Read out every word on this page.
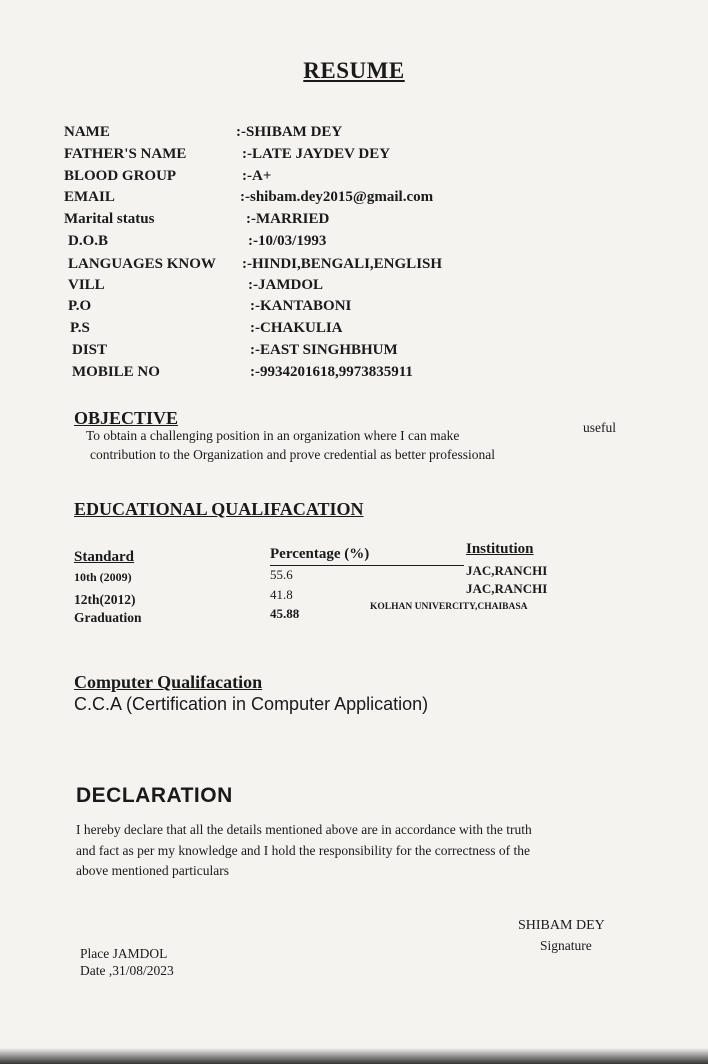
RESUME
NAME	:-SHIBAM DEY
FATHER'S NAME	:-LATE JAYDEV DEY
BLOOD GROUP	:-A+
EMAIL	:-shibam.dey2015@gmail.com
Marital status	:-MARRIED
D.O.B	:-10/03/1993
LANGUAGES KNOW :-HINDI,BENGALI,ENGLISH
VILL	:-JAMDOL
P.O	:-KANTABONI
P.S	:-CHAKULIA
DIST	:-EAST SINGHBHUM
MOBILE NO	:-9934201618,9973835911
OBJECTIVE
To obtain a challenging position in an organization where I can make
useful
contribution to the Organization and prove credential as better professional
EDUCATIONAL QUALIFACATION
Standard	Percentage (%)	Institution
10th (2009)	55.6	JAC,RANCHI
12th(2012)	41.8	JAC,RANCHI
Graduation	45.88	KOLHAN UNIVERCITY,CHAIBASA
Computer Qualifacation
C.C.A (Certification in Computer Application)
DECLARATION
I hereby declare that all the details mentioned above are in accordance with the truth
and fact as per my knowledge and I hold the responsibility for the correctness of the
above mentioned particulars
Place JAMDOL
Date ,31/08/2023
SHIBAM DEY
Signature
